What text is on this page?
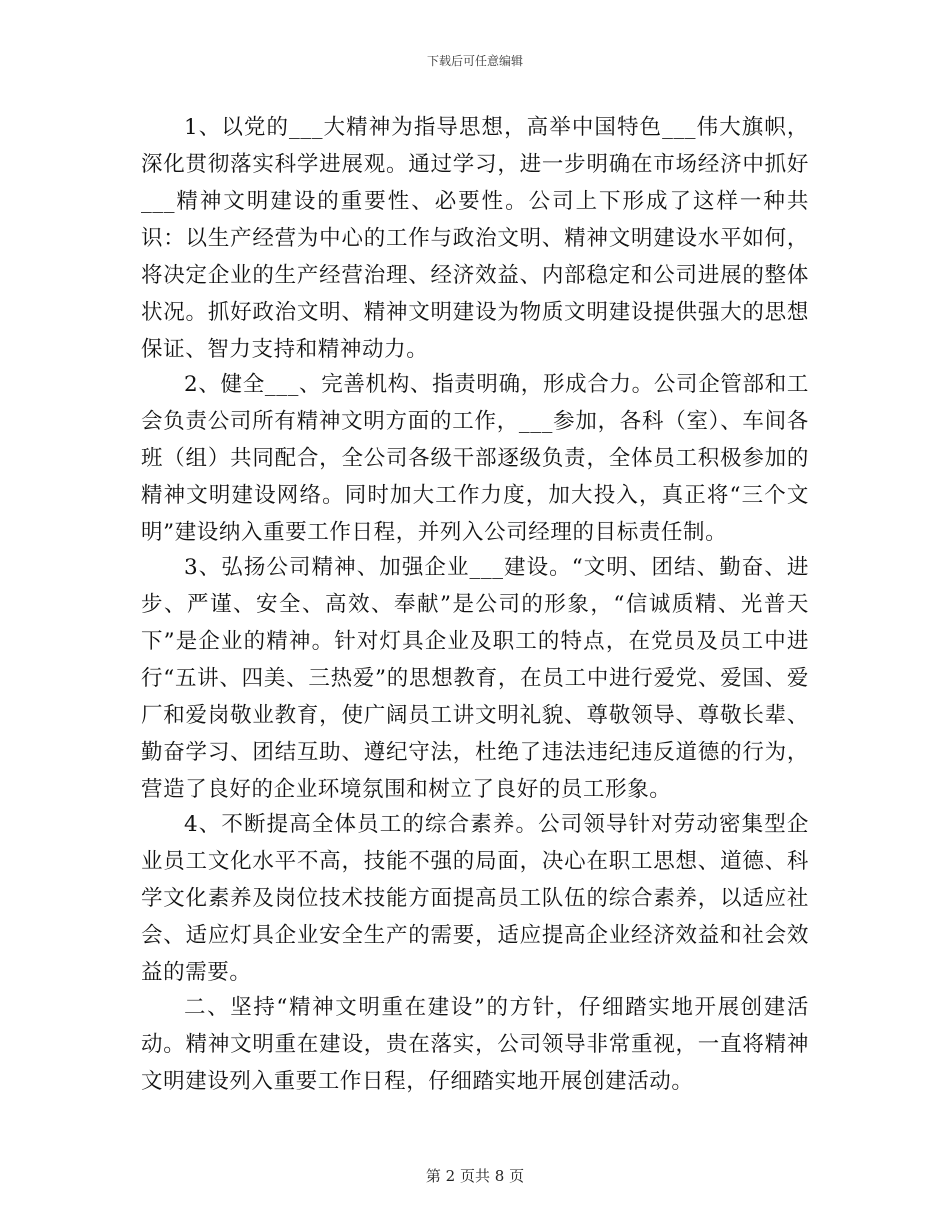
下载后可任意编辑

1、以党的___大精神为指导思想，高举中国特色___伟大旗帜，深化贯彻落实科学进展观。通过学习，进一步明确在市场经济中抓好___精神文明建设的重要性、必要性。公司上下形成了这样一种共识：以生产经营为中心的工作与政治文明、精神文明建设水平如何，将决定企业的生产经营治理、经济效益、内部稳定和公司进展的整体状况。抓好政治文明、精神文明建设为物质文明建设提供强大的思想保证、智力支持和精神动力。

2、健全___、完善机构、指责明确，形成合力。公司企管部和工会负责公司所有精神文明方面的工作，___参加，各科（室）、车间各班（组）共同配合，全公司各级干部逐级负责，全体员工积极参加的精神文明建设网络。同时加大工作力度，加大投入，真正将“三个文明”建设纳入重要工作日程，并列入公司经理的目标责任制。

3、弘扬公司精神、加强企业___建设。“文明、团结、勤奋、进步、严谨、安全、高效、奉献”是公司的形象，“信诚质精、光普天下”是企业的精神。针对灯具企业及职工的特点，在党员及员工中进行“五讲、四美、三热爱”的思想教育，在员工中进行爱党、爱国、爱厂和爱岗敬业教育，使广阔员工讲文明礼貌、尊敬领导、尊敬长辈、勤奋学习、团结互助、遵纪守法，杜绝了违法违纪违反道德的行为，营造了良好的企业环境氛围和树立了良好的员工形象。

4、不断提高全体员工的综合素养。公司领导针对劳动密集型企业员工文化水平不高，技能不强的局面，决心在职工思想、道德、科学文化素养及岗位技术技能方面提高员工队伍的综合素养，以适应社会、适应灯具企业安全生产的需要，适应提高企业经济效益和社会效益的需要。

二、坚持“精神文明重在建设”的方针，仔细踏实地开展创建活动。精神文明重在建设，贵在落实，公司领导非常重视，一直将精神文明建设列入重要工作日程，仔细踏实地开展创建活动。

第 2 页共 8 页
